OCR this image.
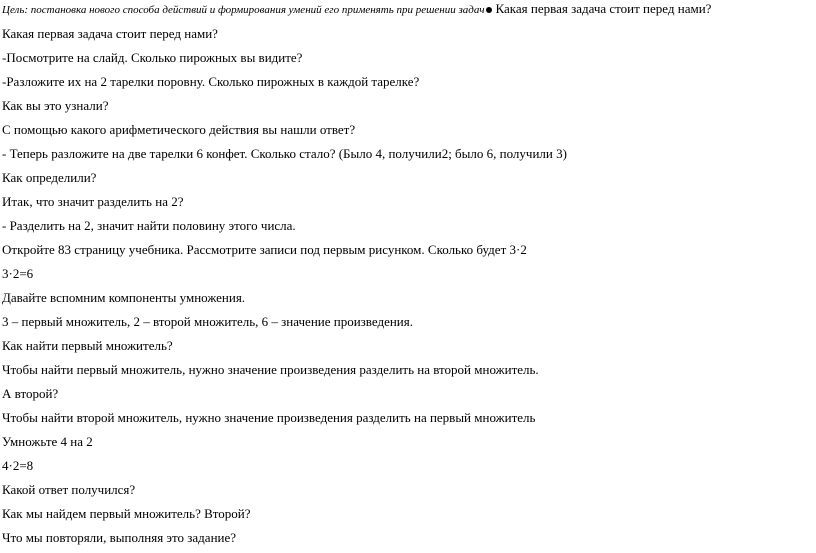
Цель: постановка нового способа действий и формирования умений его применять при решении задач Какая первая задача стоит перед нами?
Какая первая задача стоит перед нами?
-Посмотрите на слайд. Сколько пирожных вы видите?
-Разложите их на 2 тарелки поровну. Сколько пирожных в каждой тарелке?
Как вы это узнали?
С помощью какого арифметического действия вы нашли ответ?
- Теперь разложите на две тарелки 6 конфет. Сколько стало? (Было 4, получили2; было 6, получили 3)
Как определили?
Итак, что значит разделить на 2?
- Разделить на 2, значит найти половину этого числа.
Откройте 83 страницу учебника. Рассмотрите записи под первым рисунком. Сколько будет 3·2
3·2=6
Давайте вспомним компоненты умножения.
3 – первый множитель, 2 – второй множитель, 6 – значение произведения.
Как найти первый множитель?
Чтобы найти первый множитель, нужно значение произведения разделить на второй множитель.
А второй?
Чтобы найти второй множитель, нужно значение произведения разделить на первый множитель
Умножьте 4 на 2
4·2=8
Какой ответ получился?
Как мы найдем первый множитель? Второй?
Что мы повторяли, выполняя это задание?
